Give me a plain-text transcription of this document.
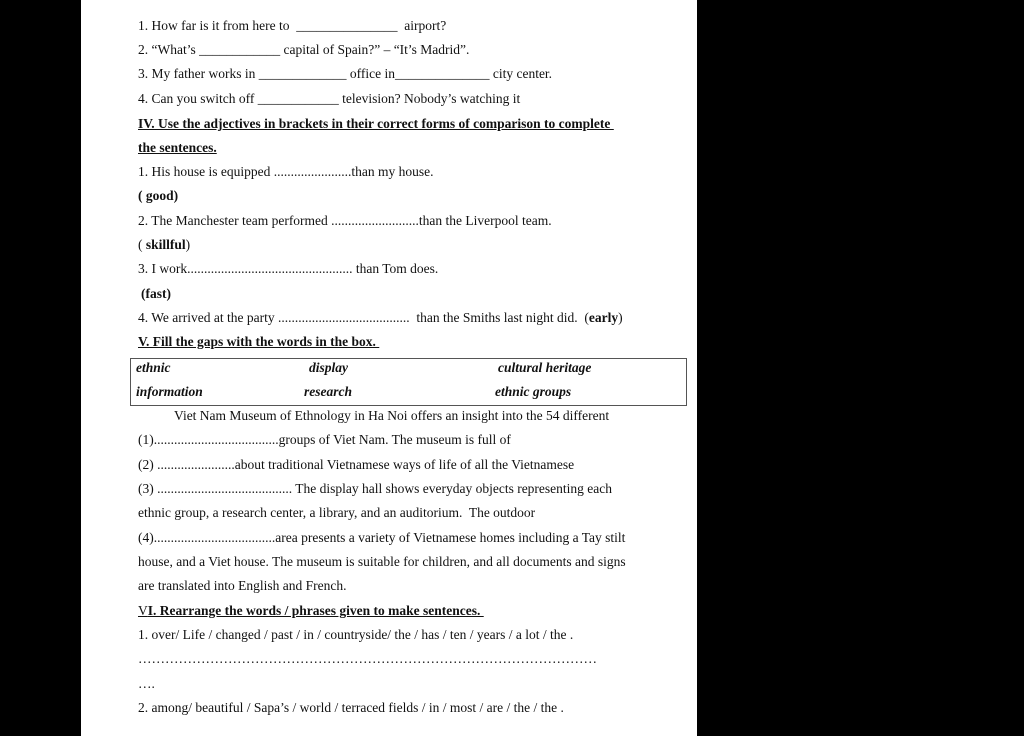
1. How far is it from here to  _______________  airport?
2. “What’s ____________ capital of Spain?” – “It’s Madrid”.
3. My father works in _____________ office in______________ city center.
4. Can you switch off ____________ television? Nobody’s watching it
IV. Use the adjectives in brackets in their correct forms of comparison to complete
the sentences.
1. His house is equipped .......................than my house.
( good)
2. The Manchester team performed ..........................than the Liverpool team.
( skillful)
3. I work................................................. than Tom does.
(fast)
4. We arrived at the party .......................................  than the Smiths last night did.  (early)
V. Fill the gaps with the words in the box.
ethnic	display	cultural heritage
information	research	ethnic groups
Viet Nam Museum of Ethnology in Ha Noi offers an insight into the 54 different
(1).....................................groups of Viet Nam. The museum is full of
(2) .......................about traditional Vietnamese ways of life of all the Vietnamese
(3) ........................................ The display hall shows everyday objects representing each
ethnic group, a research center, a library, and an auditorium.  The outdoor
(4)....................................area presents a variety of Vietnamese homes including a Tay stilt
house, and a Viet house. The museum is suitable for children, and all documents and signs
are translated into English and French.
VI. Rearrange the words / phrases given to make sentences.
1. over/ Life / changed / past / in / countryside/ the / has / ten / years / a lot / the .
…………………………………………………………………………………………
….
2. among/ beautiful / Sapa’s / world / terraced fields / in / most / are / the / the .
